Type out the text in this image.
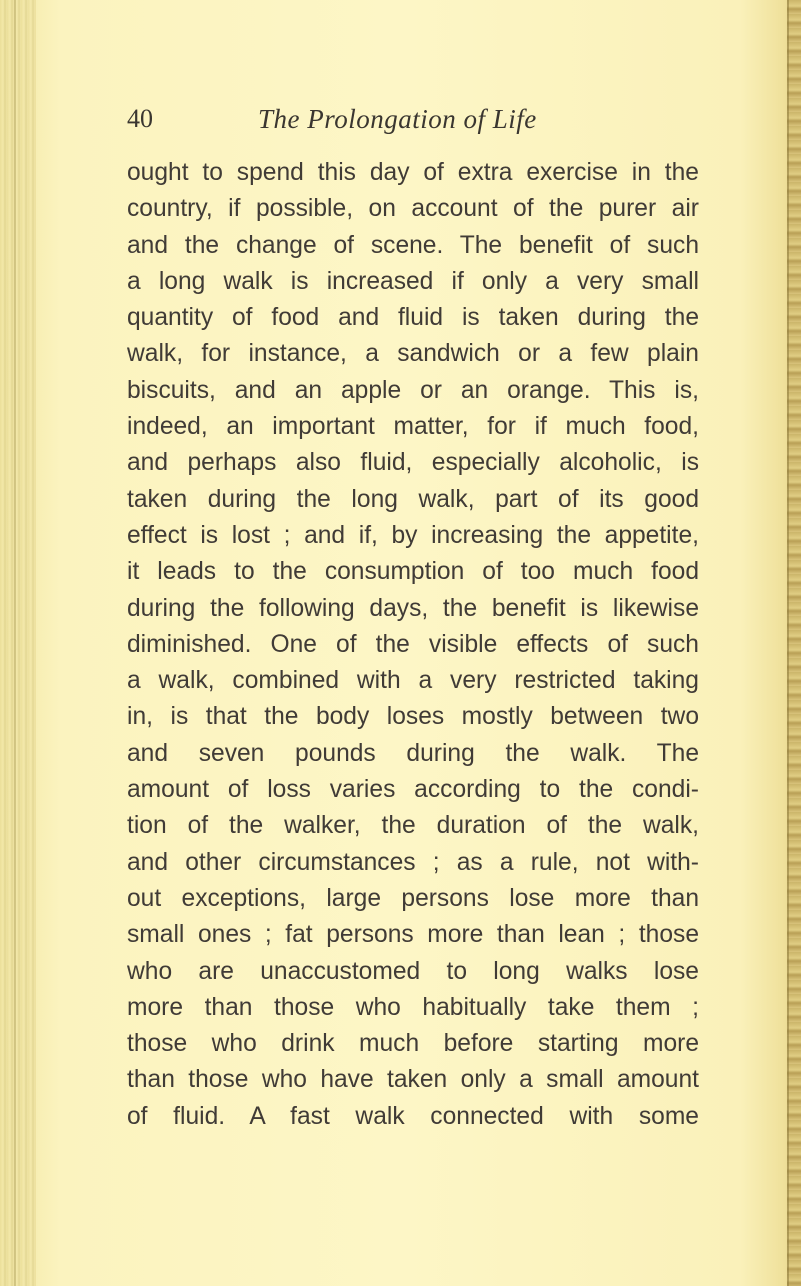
40	The Prolongation of Life
ought to spend this day of extra exercise in the
country, if possible, on account of the purer air
and the change of scene. The benefit of such
a long walk is increased if only a very small
quantity of food and fluid is taken during the
walk, for instance, a sandwich or a few plain
biscuits, and an apple or an orange. This is,
indeed, an important matter, for if much food,
and perhaps also fluid, especially alcoholic, is
taken during the long walk, part of its good
effect is lost ; and if, by increasing the appetite,
it leads to the consumption of too much food
during the following days, the benefit is likewise
diminished. One of the visible effects of such
a walk, combined with a very restricted taking
in, is that the body loses mostly between two
and seven pounds during the walk. The
amount of loss varies according to the condi-
tion of the walker, the duration of the walk,
and other circumstances ; as a rule, not with-
out exceptions, large persons lose more than
small ones ; fat persons more than lean ; those
who are unaccustomed to long walks lose
more than those who habitually take them ;
those who drink much before starting more
than those who have taken only a small amount
of fluid. A fast walk connected with some
